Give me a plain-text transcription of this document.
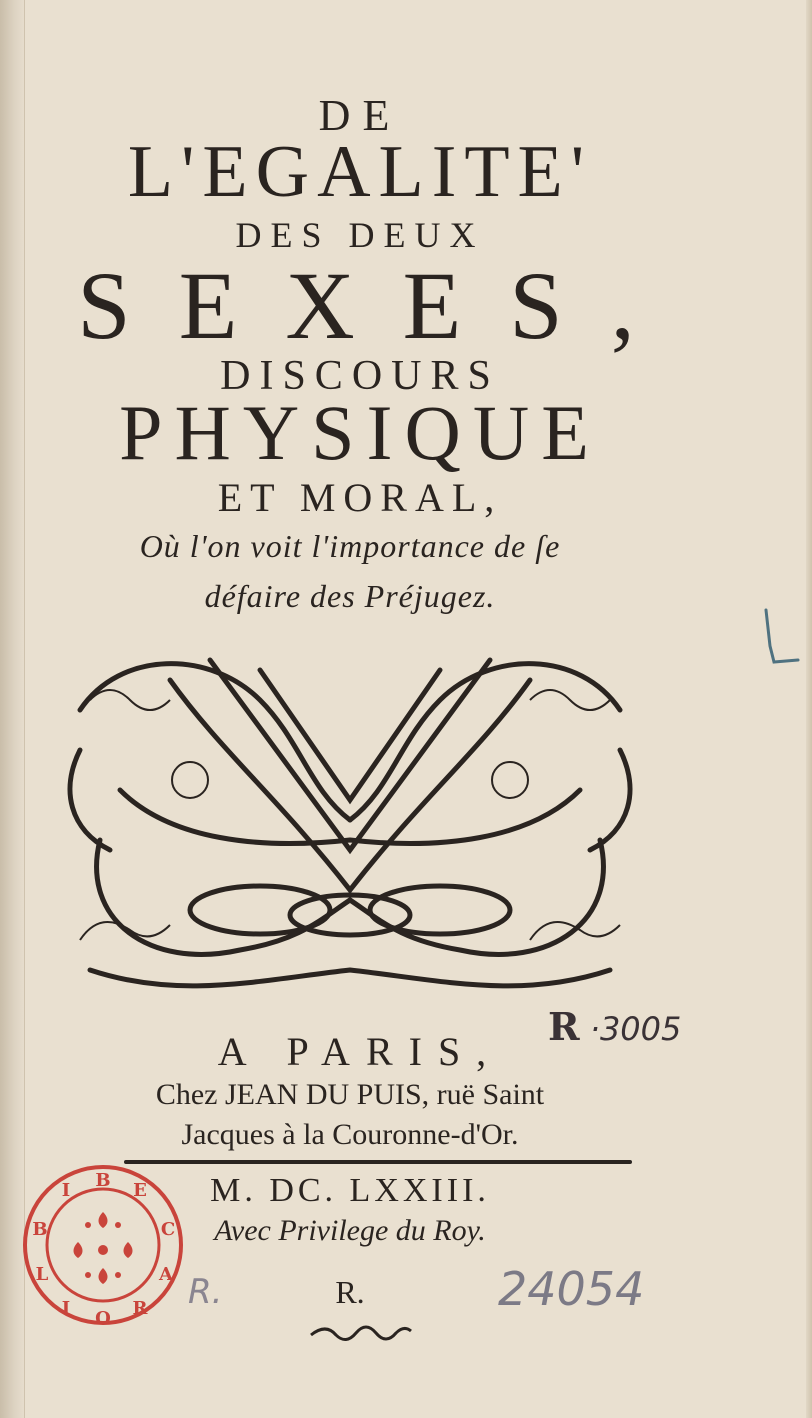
DE
L'EGALITE'
DES DEUX
SEXES,
DISCOURS
PHYSIQUE
ET MORAL,
Où l'on voit l'importance de ſe
défaire des Préjugez.
A PARIS,
Chez JEAN DU PUIS, ruë Saint
Jacques à la Couronne-d'Or.
M. DC. LXXIII.
Avec Privilege du Roy.
R.
R ·3005
R.	24054
B
I	E
B	C
L	A
I	R
O
